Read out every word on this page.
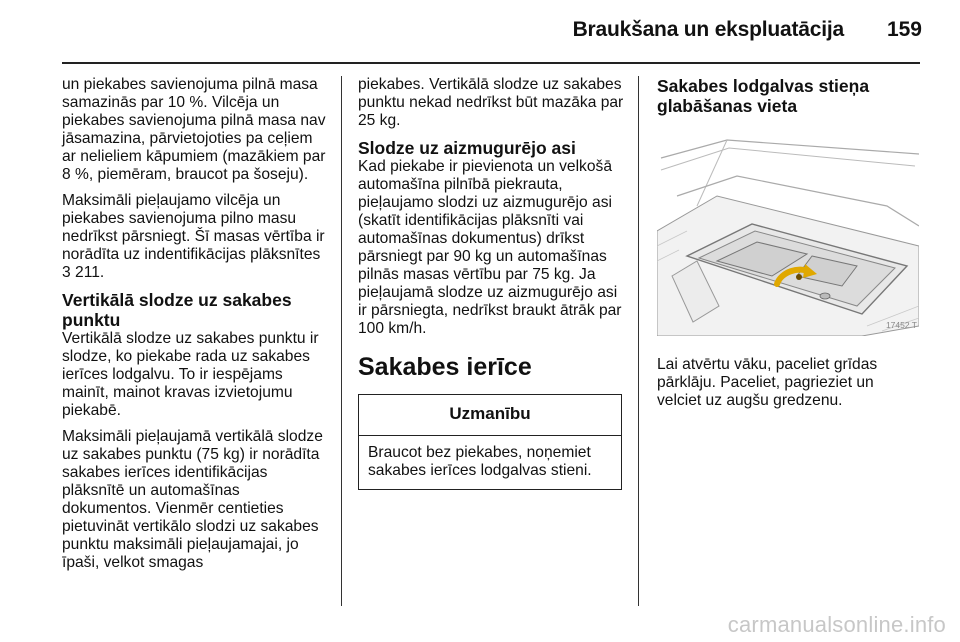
Braukšana un ekspluatācija	159

un piekabes savienojuma pilnā masa samazinās par 10 %. Vilcēja un piekabes savienojuma pilnā masa nav jāsamazina, pārvietojoties pa ceļiem ar nelieliem kāpumiem (mazākiem par 8 %, piemēram, braucot pa šoseju).

Maksimāli pieļaujamo vilcēja un piekabes savienojuma pilno masu nedrīkst pārsniegt. Šī masas vērtība ir norādīta uz indentifikācijas plāksnītes
3 211.

Vertikālā slodze uz sakabes punktu

Vertikālā slodze uz sakabes punktu ir slodze, ko piekabe rada uz sakabes ierīces lodgalvu. To ir iespējams mainīt, mainot kravas izvietojumu piekabē.

Maksimāli pieļaujamā vertikālā slodze uz sakabes punktu (75 kg) ir norādīta sakabes ierīces identifikācijas plāksnītē un automašīnas dokumentos. Vienmēr centieties pietuvināt vertikālo slodzi uz sakabes punktu maksimāli pieļaujamajai, jo īpaši, velkot smagas

piekabes. Vertikālā slodze uz sakabes punktu nekad nedrīkst būt mazāka par 25 kg.

Slodze uz aizmugurējo asi

Kad piekabe ir pievienota un velkošā automašīna pilnībā piekrauta, pieļaujamo slodzi uz aizmugurējo asi (skatīt identifikācijas plāksnīti vai automašīnas dokumentus) drīkst pārsniegt par 90 kg un automašīnas pilnās masas vērtību par 75 kg. Ja pieļaujamā slodze uz aizmugurējo asi ir pārsniegta, nedrīkst braukt ātrāk par 100 km/h.

Sakabes ierīce
Uzmanību
Braucot bez piekabes, noņemiet sakabes ierīces lodgalvas stieni.
Sakabes lodgalvas stieņa glabāšanas vieta
17452 T

Lai atvērtu vāku, paceliet grīdas pārklāju. Paceliet, pagrieziet un velciet uz augšu gredzenu.

carmanualsonline.info
